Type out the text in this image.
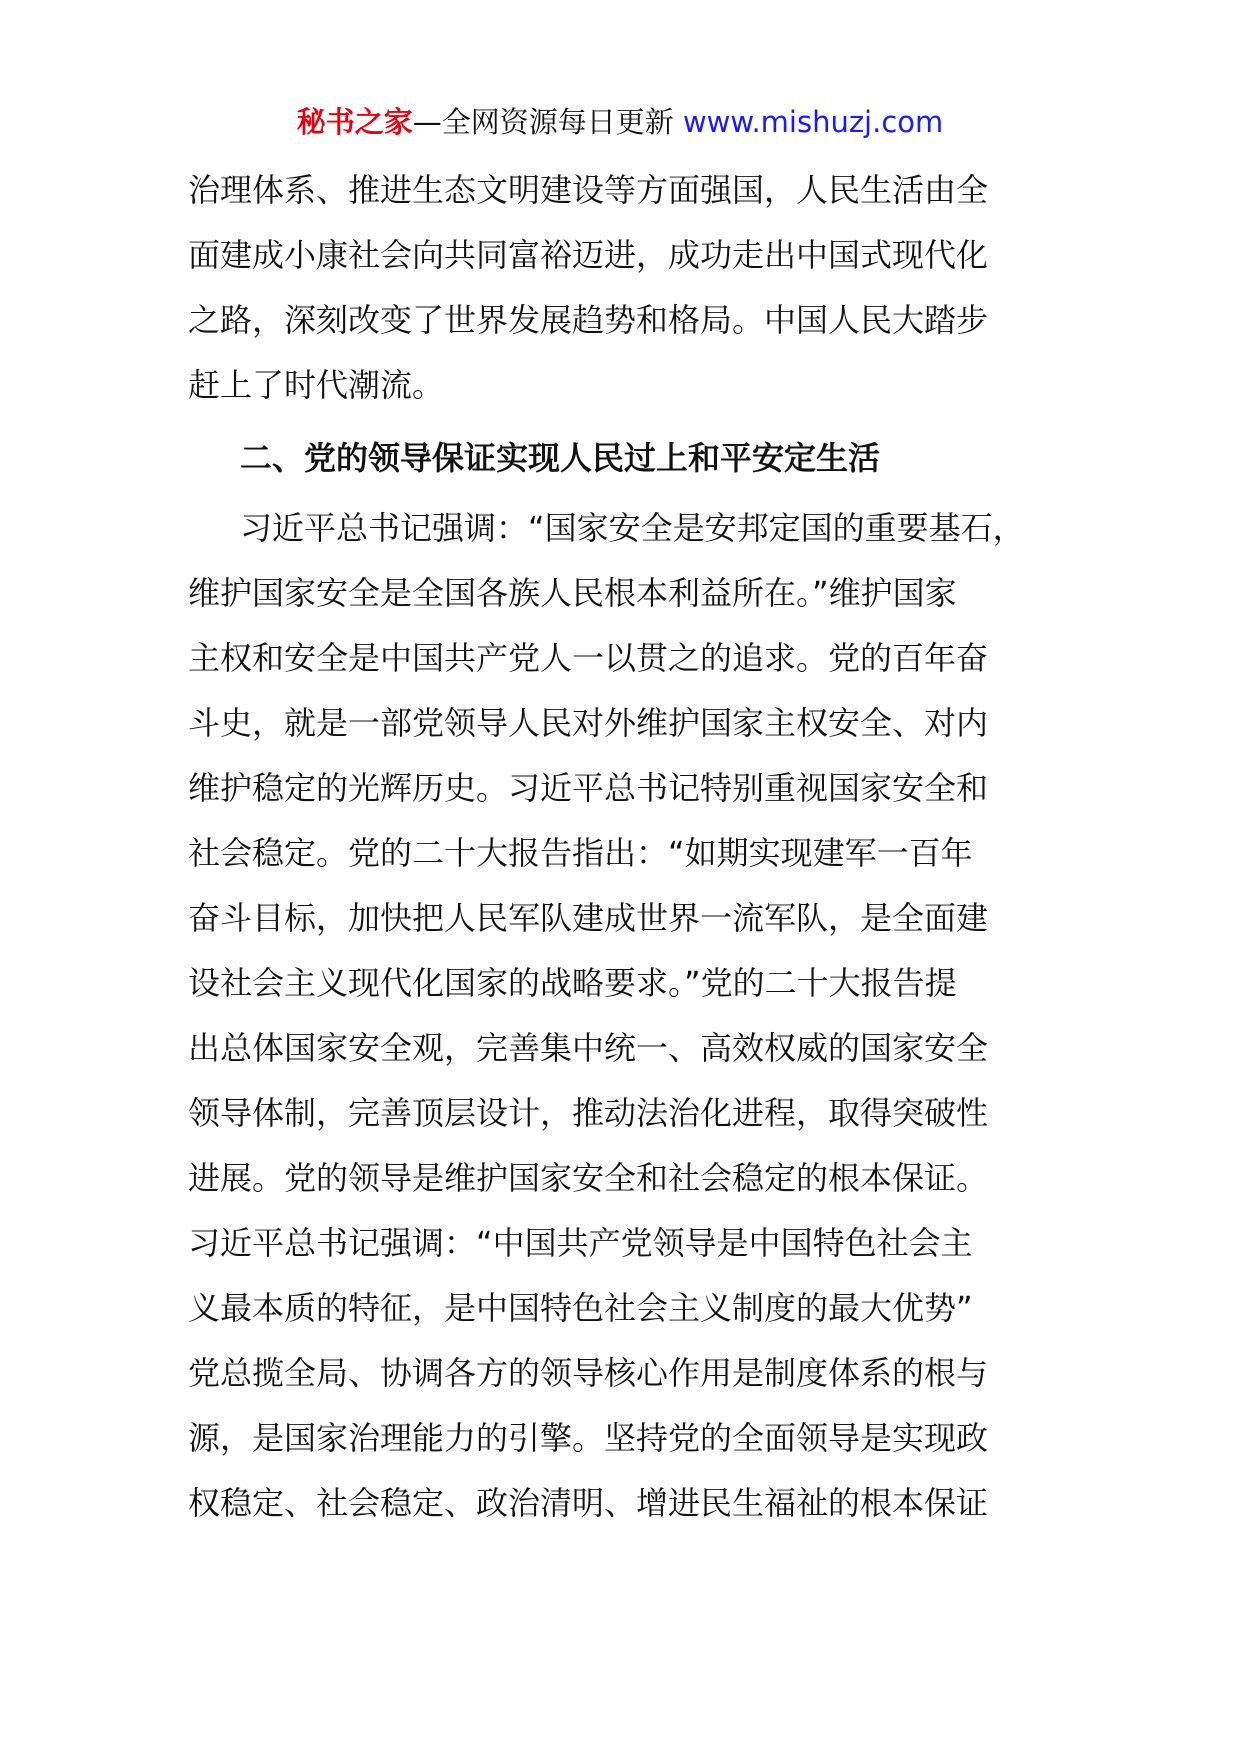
秘书之家—全网资源每日更新 www.mishuzj.com
治理体系、推进生态文明建设等方面强国，人民生活由全
面建成小康社会向共同富裕迈进，成功走出中国式现代化
之路，深刻改变了世界发展趋势和格局。中国人民大踏步
赶上了时代潮流。
二、党的领导保证实现人民过上和平安定生活
习近平总书记强调：“国家安全是安邦定国的重要基石，
维护国家安全是全国各族人民根本利益所在。”维护国家
主权和安全是中国共产党人一以贯之的追求。党的百年奋
斗史，就是一部党领导人民对外维护国家主权安全、对内
维护稳定的光辉历史。习近平总书记特别重视国家安全和
社会稳定。党的二十大报告指出：“如期实现建军一百年
奋斗目标，加快把人民军队建成世界一流军队，是全面建
设社会主义现代化国家的战略要求。”党的二十大报告提
出总体国家安全观，完善集中统一、高效权威的国家安全
领导体制，完善顶层设计，推动法治化进程，取得突破性
进展。党的领导是维护国家安全和社会稳定的根本保证。
习近平总书记强调：“中国共产党领导是中国特色社会主
义最本质的特征，是中国特色社会主义制度的最大优势”
党总揽全局、协调各方的领导核心作用是制度体系的根与
源，是国家治理能力的引擎。坚持党的全面领导是实现政
权稳定、社会稳定、政治清明、增进民生福祉的根本保证
